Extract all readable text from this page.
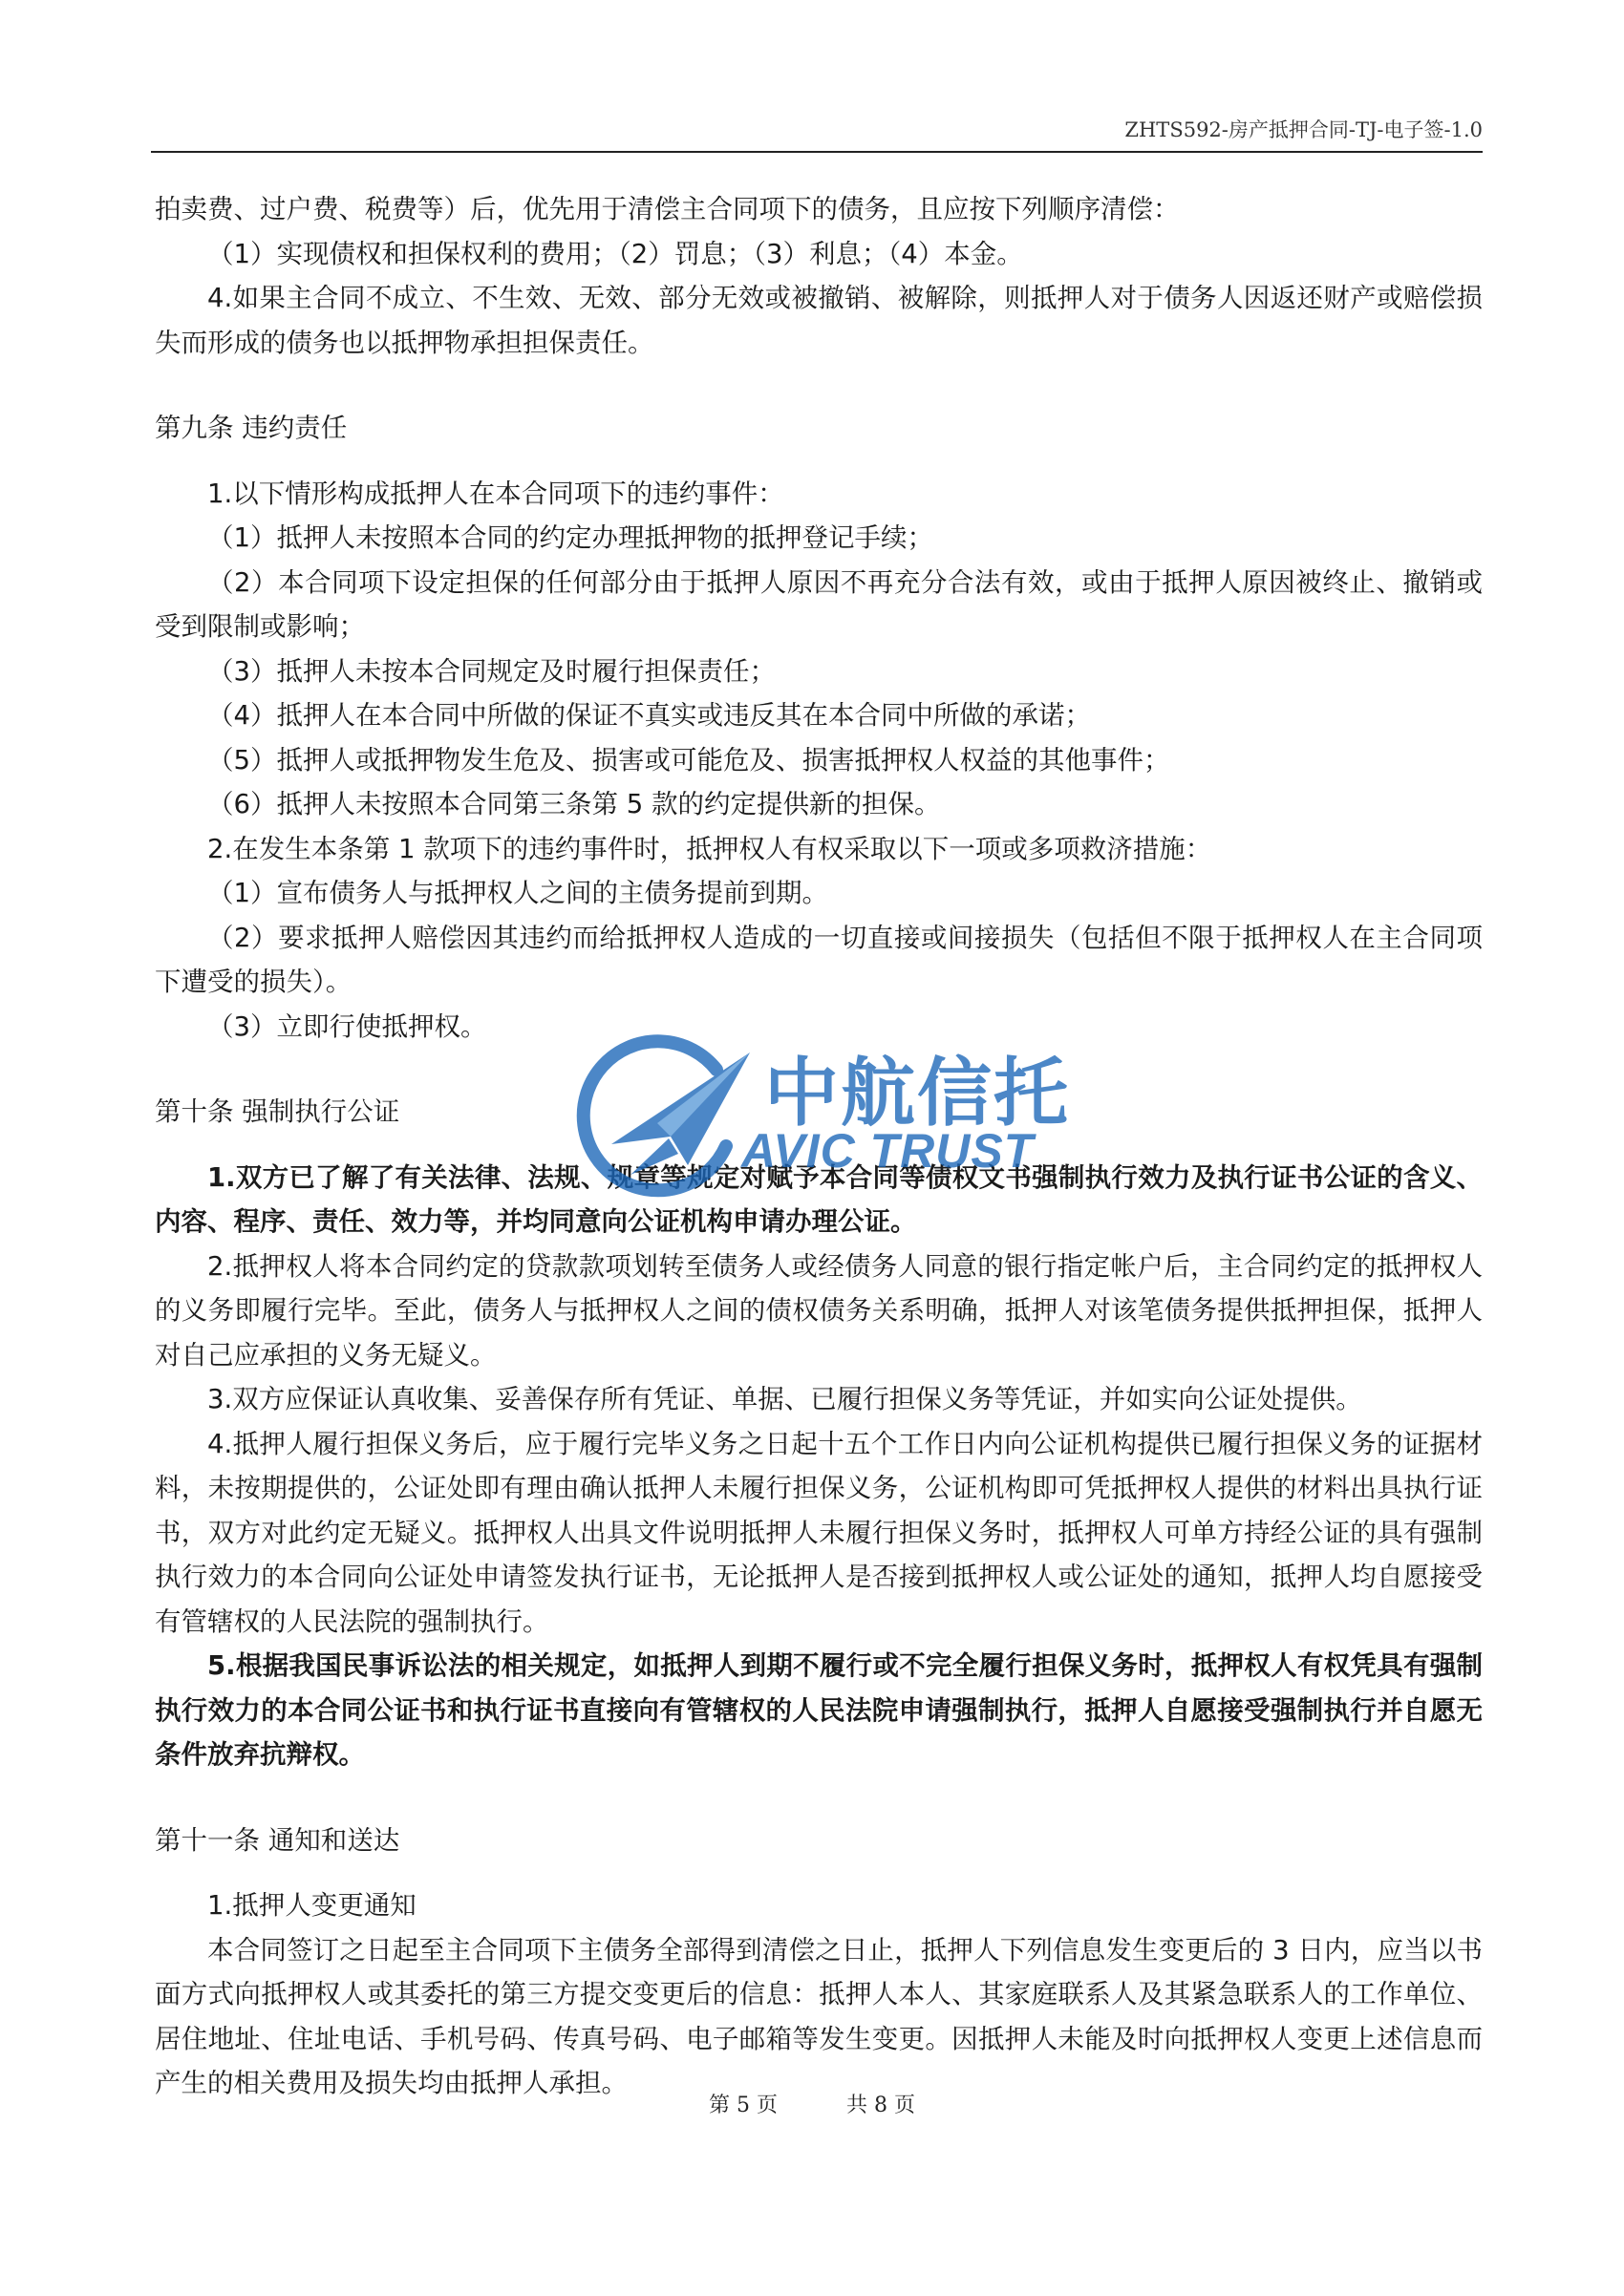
ZHTS592-房产抵押合同-TJ-电子签-1.0

拍卖费、过户费、税费等）后，优先用于清偿主合同项下的债务，且应按下列顺序清偿：

（1）实现债权和担保权利的费用；（2）罚息；（3）利息；（4）本金。

4.如果主合同不成立、不生效、无效、部分无效或被撤销、被解除，则抵押人对于债务人因返还财产或赔偿损失而形成的债务也以抵押物承担担保责任。

第九条 违约责任

1.以下情形构成抵押人在本合同项下的违约事件：

（1）抵押人未按照本合同的约定办理抵押物的抵押登记手续；

（2）本合同项下设定担保的任何部分由于抵押人原因不再充分合法有效，或由于抵押人原因被终止、撤销或受到限制或影响；

（3）抵押人未按本合同规定及时履行担保责任；

（4）抵押人在本合同中所做的保证不真实或违反其在本合同中所做的承诺；

（5）抵押人或抵押物发生危及、损害或可能危及、损害抵押权人权益的其他事件；

（6）抵押人未按照本合同第三条第 5 款的约定提供新的担保。

2.在发生本条第 1 款项下的违约事件时，抵押权人有权采取以下一项或多项救济措施：

（1）宣布债务人与抵押权人之间的主债务提前到期。

（2）要求抵押人赔偿因其违约而给抵押权人造成的一切直接或间接损失（包括但不限于抵押权人在主合同项下遭受的损失）。

（3）立即行使抵押权。

第十条 强制执行公证

1.双方已了解了有关法律、法规、规章等规定对赋予本合同等债权文书强制执行效力及执行证书公证的含义、内容、程序、责任、效力等，并均同意向公证机构申请办理公证。

2.抵押权人将本合同约定的贷款款项划转至债务人或经债务人同意的银行指定帐户后，主合同约定的抵押权人的义务即履行完毕。至此，债务人与抵押权人之间的债权债务关系明确，抵押人对该笔债务提供抵押担保，抵押人对自己应承担的义务无疑义。

3.双方应保证认真收集、妥善保存所有凭证、单据、已履行担保义务等凭证，并如实向公证处提供。

4.抵押人履行担保义务后，应于履行完毕义务之日起十五个工作日内向公证机构提供已履行担保义务的证据材料，未按期提供的，公证处即有理由确认抵押人未履行担保义务，公证机构即可凭抵押权人提供的材料出具执行证书，双方对此约定无疑义。抵押权人出具文件说明抵押人未履行担保义务时，抵押权人可单方持经公证的具有强制执行效力的本合同向公证处申请签发执行证书，无论抵押人是否接到抵押权人或公证处的通知，抵押人均自愿接受有管辖权的人民法院的强制执行。

5.根据我国民事诉讼法的相关规定，如抵押人到期不履行或不完全履行担保义务时，抵押权人有权凭具有强制执行效力的本合同公证书和执行证书直接向有管辖权的人民法院申请强制执行，抵押人自愿接受强制执行并自愿无条件放弃抗辩权。

第十一条 通知和送达

1.抵押人变更通知

本合同签订之日起至主合同项下主债务全部得到清偿之日止，抵押人下列信息发生变更后的 3 日内，应当以书面方式向抵押权人或其委托的第三方提交变更后的信息：抵押人本人、其家庭联系人及其紧急联系人的工作单位、居住地址、住址电话、手机号码、传真号码、电子邮箱等发生变更。因抵押人未能及时向抵押权人变更上述信息而产生的相关费用及损失均由抵押人承担。

中航信托
AVIC TRUST
第 5 页	共 8 页
